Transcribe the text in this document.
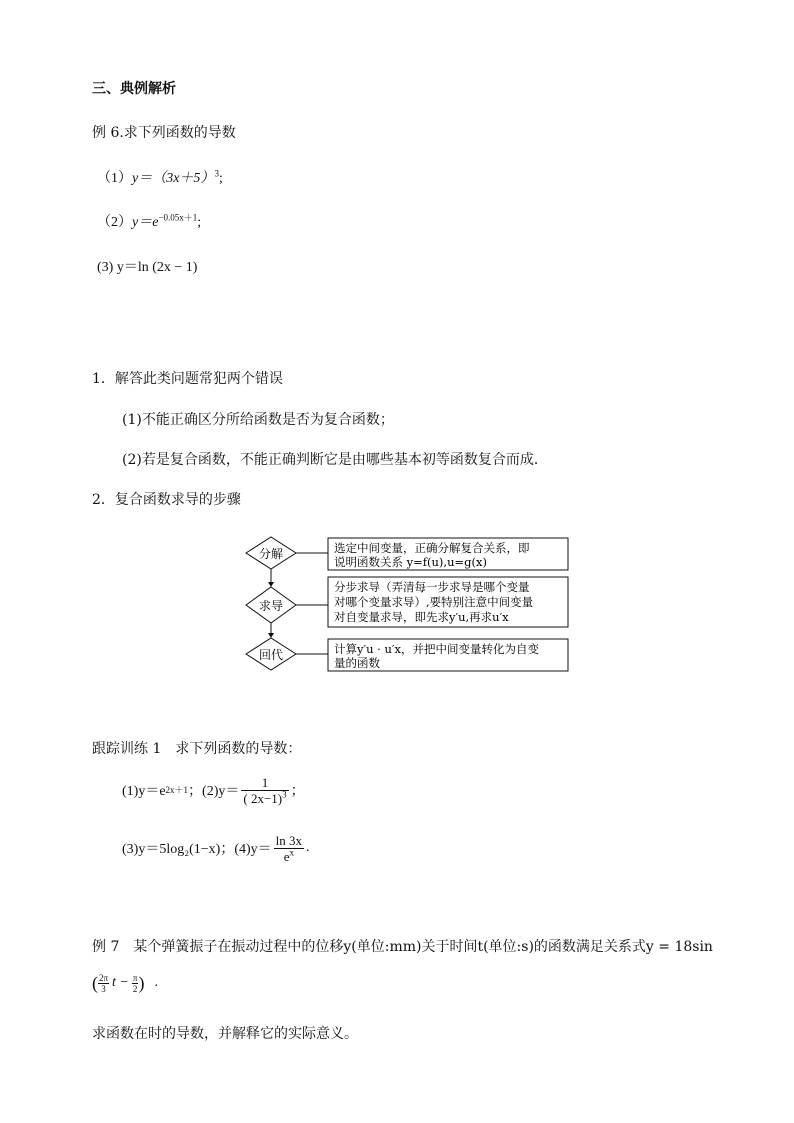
三、典例解析
例 6.求下列函数的导数
$(1)y=(3x+5)^3$;
$(2)y=e^{-0.05x+1}$;
(3) y＝ln (2x − 1)
1．解答此类问题常犯两个错误
(1)不能正确区分所给函数是否为复合函数；
(2)若是复合函数，不能正确判断它是由哪些基本初等函数复合而成．
2．复合函数求导的步骤
分解
求导
回代
选定中间变量，正确分解复合关系，即
说明函数关系 y=f(u),u=g(x)
分步求导（弄清每一步求导是哪个变量
对哪个变量求导）,要特别注意中间变量
对自变量求导，即先求y′u,再求u′x
计算y′u · u′x，并把中间变量转化为自变
量的函数
跟踪训练 1　求下列函数的导数：
(1)y＝e 2x＋1 ；$(2)y= \frac{1}{( 2x-1)^3}$ ；
(3)y＝5log₂(1−x)；$(4)y= \frac{\ln 3x}{e^x}$ .
例 7　某个弹簧振子在振动过程中的位移y(单位:mm)关于时间t(单位:s)的函数满足关系式y = 18sin
( $\frac{2\pi}{3}$ $t - \frac{\pi}{2}$ ) .
求函数在时的导数，并解释它的实际意义。
